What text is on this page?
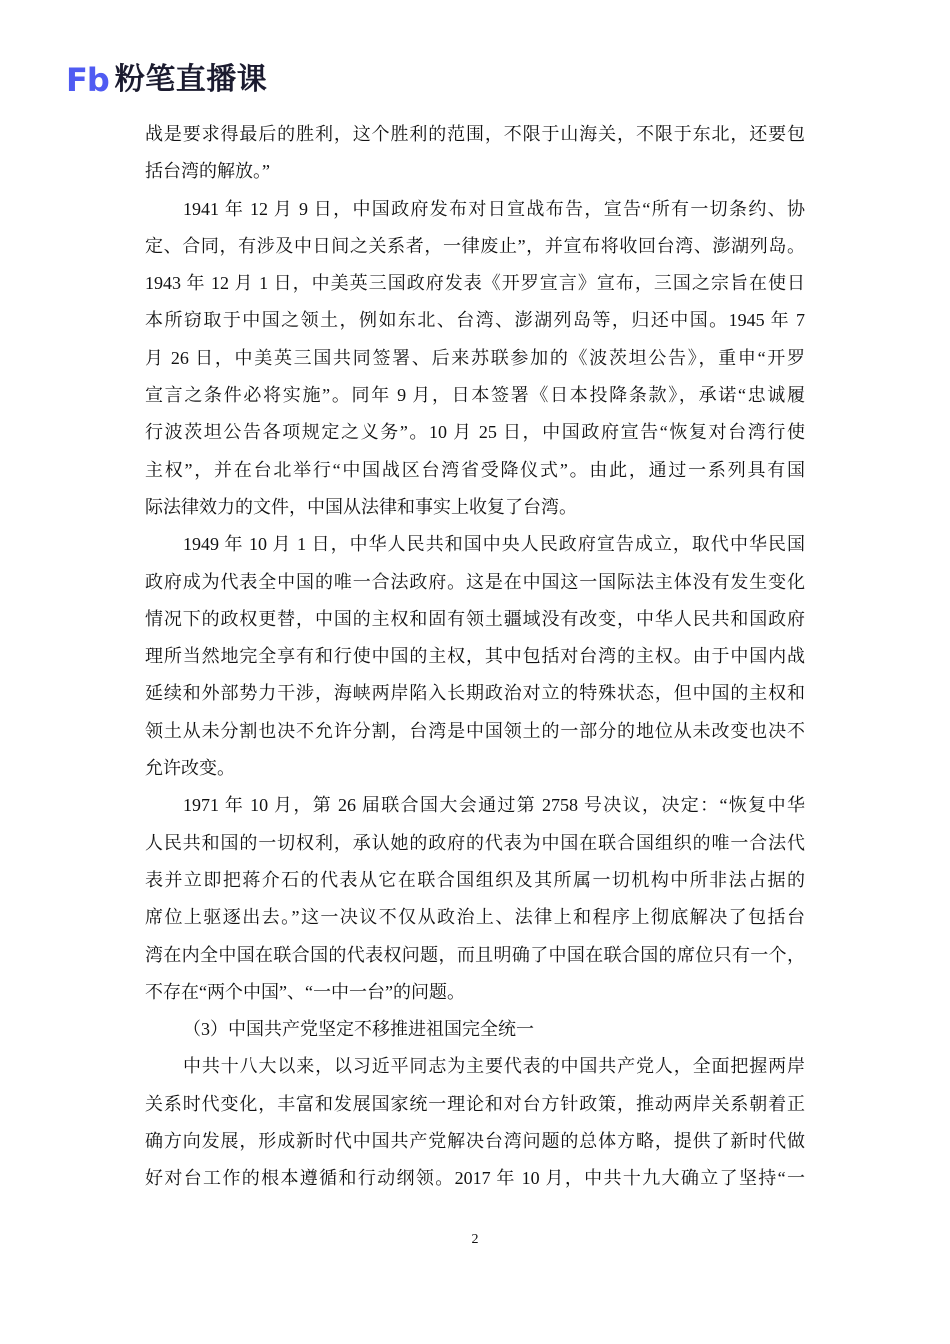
Fb 粉笔直播课
战是要求得最后的胜利，这个胜利的范围，不限于山海关，不限于东北，还要包
括台湾的解放。”
1941 年 12 月 9 日，中国政府发布对日宣战布告，宣告“所有一切条约、协
定、合同，有涉及中日间之关系者，一律废止”，并宣布将收回台湾、澎湖列岛。
1943 年 12 月 1 日，中美英三国政府发表《开罗宣言》宣布，三国之宗旨在使日
本所窃取于中国之领土，例如东北、台湾、澎湖列岛等，归还中国。1945 年 7
月 26 日，中美英三国共同签署、后来苏联参加的《波茨坦公告》，重申“开罗
宣言之条件必将实施”。同年 9 月，日本签署《日本投降条款》，承诺“忠诚履
行波茨坦公告各项规定之义务”。10 月 25 日，中国政府宣告“恢复对台湾行使
主权”，并在台北举行“中国战区台湾省受降仪式”。由此，通过一系列具有国
际法律效力的文件，中国从法律和事实上收复了台湾。
1949 年 10 月 1 日，中华人民共和国中央人民政府宣告成立，取代中华民国
政府成为代表全中国的唯一合法政府。这是在中国这一国际法主体没有发生变化
情况下的政权更替，中国的主权和固有领土疆域没有改变，中华人民共和国政府
理所当然地完全享有和行使中国的主权，其中包括对台湾的主权。由于中国内战
延续和外部势力干涉，海峡两岸陷入长期政治对立的特殊状态，但中国的主权和
领土从未分割也决不允许分割，台湾是中国领土的一部分的地位从未改变也决不
允许改变。
1971 年 10 月，第 26 届联合国大会通过第 2758 号决议，决定：“恢复中华
人民共和国的一切权利，承认她的政府的代表为中国在联合国组织的唯一合法代
表并立即把蒋介石的代表从它在联合国组织及其所属一切机构中所非法占据的
席位上驱逐出去。”这一决议不仅从政治上、法律上和程序上彻底解决了包括台
湾在内全中国在联合国的代表权问题，而且明确了中国在联合国的席位只有一个，
不存在“两个中国”、“一中一台”的问题。
（3）中国共产党坚定不移推进祖国完全统一
中共十八大以来，以习近平同志为主要代表的中国共产党人，全面把握两岸
关系时代变化，丰富和发展国家统一理论和对台方针政策，推动两岸关系朝着正
确方向发展，形成新时代中国共产党解决台湾问题的总体方略，提供了新时代做
好对台工作的根本遵循和行动纲领。2017 年 10 月，中共十九大确立了坚持“一
2
